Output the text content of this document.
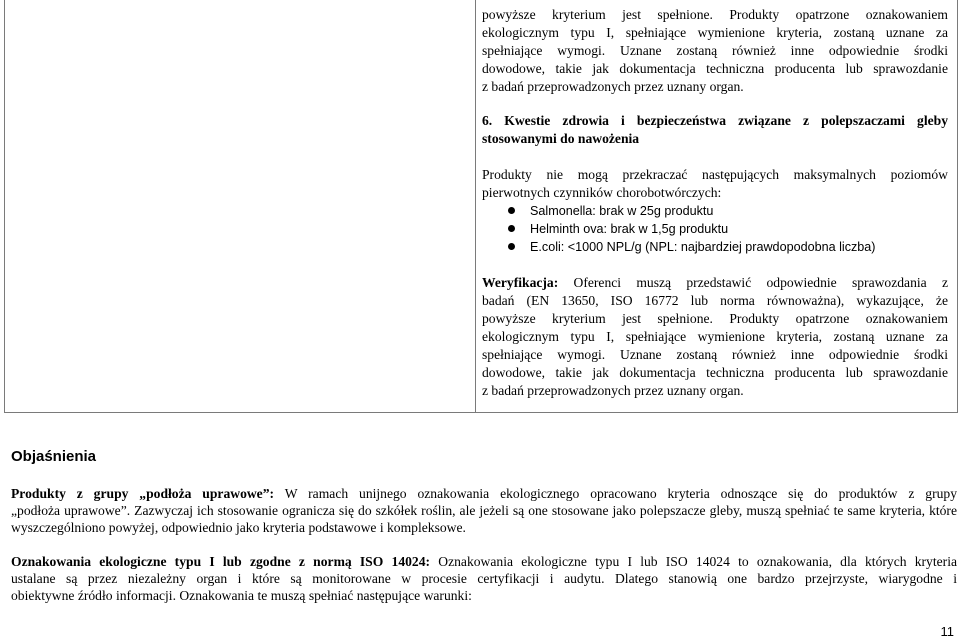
powyższe kryterium jest spełnione. Produkty opatrzone oznakowaniem

ekologicznym typu I, spełniające wymienione kryteria, zostaną uznane za

spełniające wymogi. Uznane zostaną również inne odpowiednie środki

dowodowe, takie jak dokumentacja techniczna producenta lub sprawozdanie

z badań przeprowadzonych przez uznany organ.

6. Kwestie zdrowia i bezpieczeństwa związane z polepszaczami gleby

stosowanymi do nawożenia

Produkty nie mogą przekraczać następujących maksymalnych poziomów

pierwotnych czynników chorobotwórczych:

Salmonella: brak w 25g produktu
Helminth ova: brak w 1,5g produktu
E.coli: <1000 NPL/g (NPL: najbardziej prawdopodobna liczba)

Weryfikacja: Oferenci muszą przedstawić odpowiednie sprawozdania z

badań (EN 13650, ISO 16772 lub norma równoważna), wykazujące, że

powyższe kryterium jest spełnione. Produkty opatrzone oznakowaniem

ekologicznym typu I, spełniające wymienione kryteria, zostaną uznane za

spełniające wymogi. Uznane zostaną również inne odpowiednie środki

dowodowe, takie jak dokumentacja techniczna producenta lub sprawozdanie

z badań przeprowadzonych przez uznany organ.

Objaśnienia

Produkty z grupy „podłoża uprawowe”: W ramach unijnego oznakowania ekologicznego opracowano kryteria odnoszące się do produktów z grupy

„podłoża uprawowe”. Zazwyczaj ich stosowanie ogranicza się do szkółek roślin, ale jeżeli są one stosowane jako polepszacze gleby, muszą spełniać te same kryteria, które wyszczególniono powyżej, odpowiednio jako kryteria podstawowe i kompleksowe.

Oznakowania ekologiczne typu I lub zgodne z normą ISO 14024: Oznakowania ekologiczne typu I lub ISO 14024 to oznakowania, dla których kryteria

ustalane są przez niezależny organ i które są monitorowane w procesie certyfikacji i audytu. Dlatego stanowią one bardzo przejrzyste, wiarygodne i

obiektywne źródło informacji. Oznakowania te muszą spełniać następujące warunki:

11
